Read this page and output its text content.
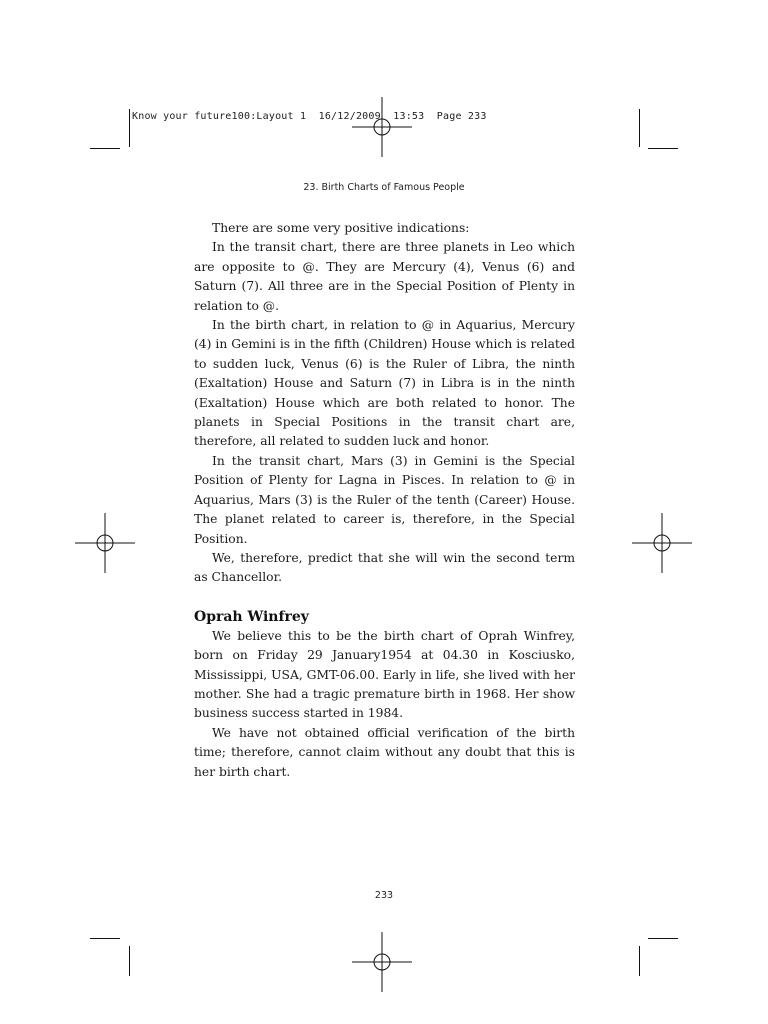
Know your future100:Layout 1  16/12/2009  13:53  Page 233
23. Birth Charts of Famous People

There are some very positive indications:

In the transit chart, there are three planets in Leo which are opposite to @. They are Mercury (4), Venus (6) and Saturn (7). All three are in the Special Position of Plenty in relation to @.

In the birth chart, in relation to @ in Aquarius, Mercury (4) in Gemini is in the fifth (Children) House which is related to sudden luck, Venus (6) is the Ruler of Libra, the ninth (Exaltation) House and Saturn (7) in Libra is in the ninth (Exaltation) House which are both related to honor. The planets in Special Positions in the transit chart are, therefore, all related to sudden luck and honor.

In the transit chart, Mars (3) in Gemini is the Special Position of Plenty for Lagna in Pisces. In relation to @ in Aquarius, Mars (3) is the Ruler of the tenth (Career) House. The planet related to career is, therefore, in the Special Position.

We, therefore, predict that she will win the second term as Chancellor.

Oprah Winfrey

We believe this to be the birth chart of Oprah Winfrey, born on Friday 29 January1954 at 04.30 in Kosciusko, Mississippi, USA, GMT-06.00. Early in life, she lived with her mother. She had a tragic premature birth in 1968. Her show business success started in 1984.

We have not obtained official verification of the birth time; therefore, cannot claim without any doubt that this is her birth chart.

233
